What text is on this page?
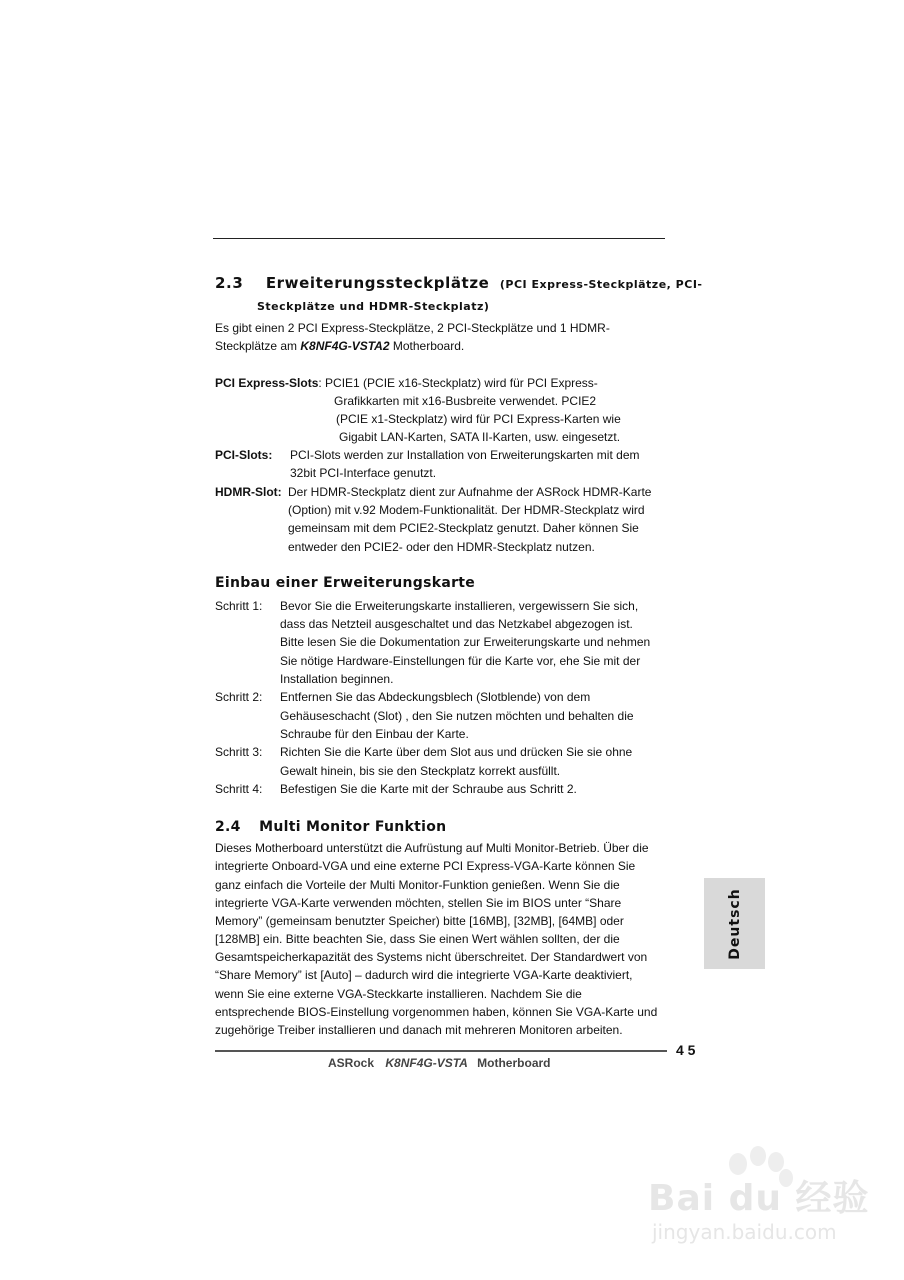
2.3 Erweiterungssteckplätze (PCI Express-Steckplätze, PCI-
Steckplätze und HDMR-Steckplatz)
Es gibt einen 2 PCI Express-Steckplätze, 2 PCI-Steckplätze und 1 HDMR-
Steckplätze am K8NF4G-VSTA2 Motherboard.
PCI Express-Slots: PCIE1 (PCIE x16-Steckplatz) wird für PCI Express-
Grafikkarten mit x16-Busbreite verwendet. PCIE2
(PCIE x1-Steckplatz) wird für PCI Express-Karten wie
Gigabit LAN-Karten, SATA II-Karten, usw. eingesetzt.
PCI-Slots: PCI-Slots werden zur Installation von Erweiterungskarten mit dem
32bit PCI-Interface genutzt.
HDMR-Slot: Der HDMR-Steckplatz dient zur Aufnahme der ASRock HDMR-Karte
(Option) mit v.92 Modem-Funktionalität. Der HDMR-Steckplatz wird
gemeinsam mit dem PCIE2-Steckplatz genutzt. Daher können Sie
entweder den PCIE2- oder den HDMR-Steckplatz nutzen.
Einbau einer Erweiterungskarte
Schritt 1: Bevor Sie die Erweiterungskarte installieren, vergewissern Sie sich,
dass das Netzteil ausgeschaltet und das Netzkabel abgezogen ist.
Bitte lesen Sie die Dokumentation zur Erweiterungskarte und nehmen
Sie nötige Hardware-Einstellungen für die Karte vor, ehe Sie mit der
Installation beginnen.
Schritt 2: Entfernen Sie das Abdeckungsblech (Slotblende) von dem
Gehäuseschacht (Slot) , den Sie nutzen möchten und behalten die
Schraube für den Einbau der Karte.
Schritt 3: Richten Sie die Karte über dem Slot aus und drücken Sie sie ohne
Gewalt hinein, bis sie den Steckplatz korrekt ausfüllt.
Schritt 4: Befestigen Sie die Karte mit der Schraube aus Schritt 2.
2.4 Multi Monitor Funktion
Dieses Motherboard unterstützt die Aufrüstung auf Multi Monitor-Betrieb. Über die
integrierte Onboard-VGA und eine externe PCI Express-VGA-Karte können Sie
ganz einfach die Vorteile der Multi Monitor-Funktion genießen. Wenn Sie die
integrierte VGA-Karte verwenden möchten, stellen Sie im BIOS unter “Share
Memory” (gemeinsam benutzter Speicher) bitte [16MB], [32MB], [64MB] oder
[128MB] ein. Bitte beachten Sie, dass Sie einen Wert wählen sollten, der die
Gesamtspeicherkapazität des Systems nicht überschreitet. Der Standardwert von
“Share Memory” ist [Auto] – dadurch wird die integrierte VGA-Karte deaktiviert,
wenn Sie eine externe VGA-Steckkarte installieren. Nachdem Sie die
entsprechende BIOS-Einstellung vorgenommen haben, können Sie VGA-Karte und
zugehörige Treiber installieren und danach mit mehreren Monitoren arbeiten.
Deutsch
4 5
ASRock K8NF4G-VSTA Motherboard
Bai du 经验
jingyan.baidu.com
